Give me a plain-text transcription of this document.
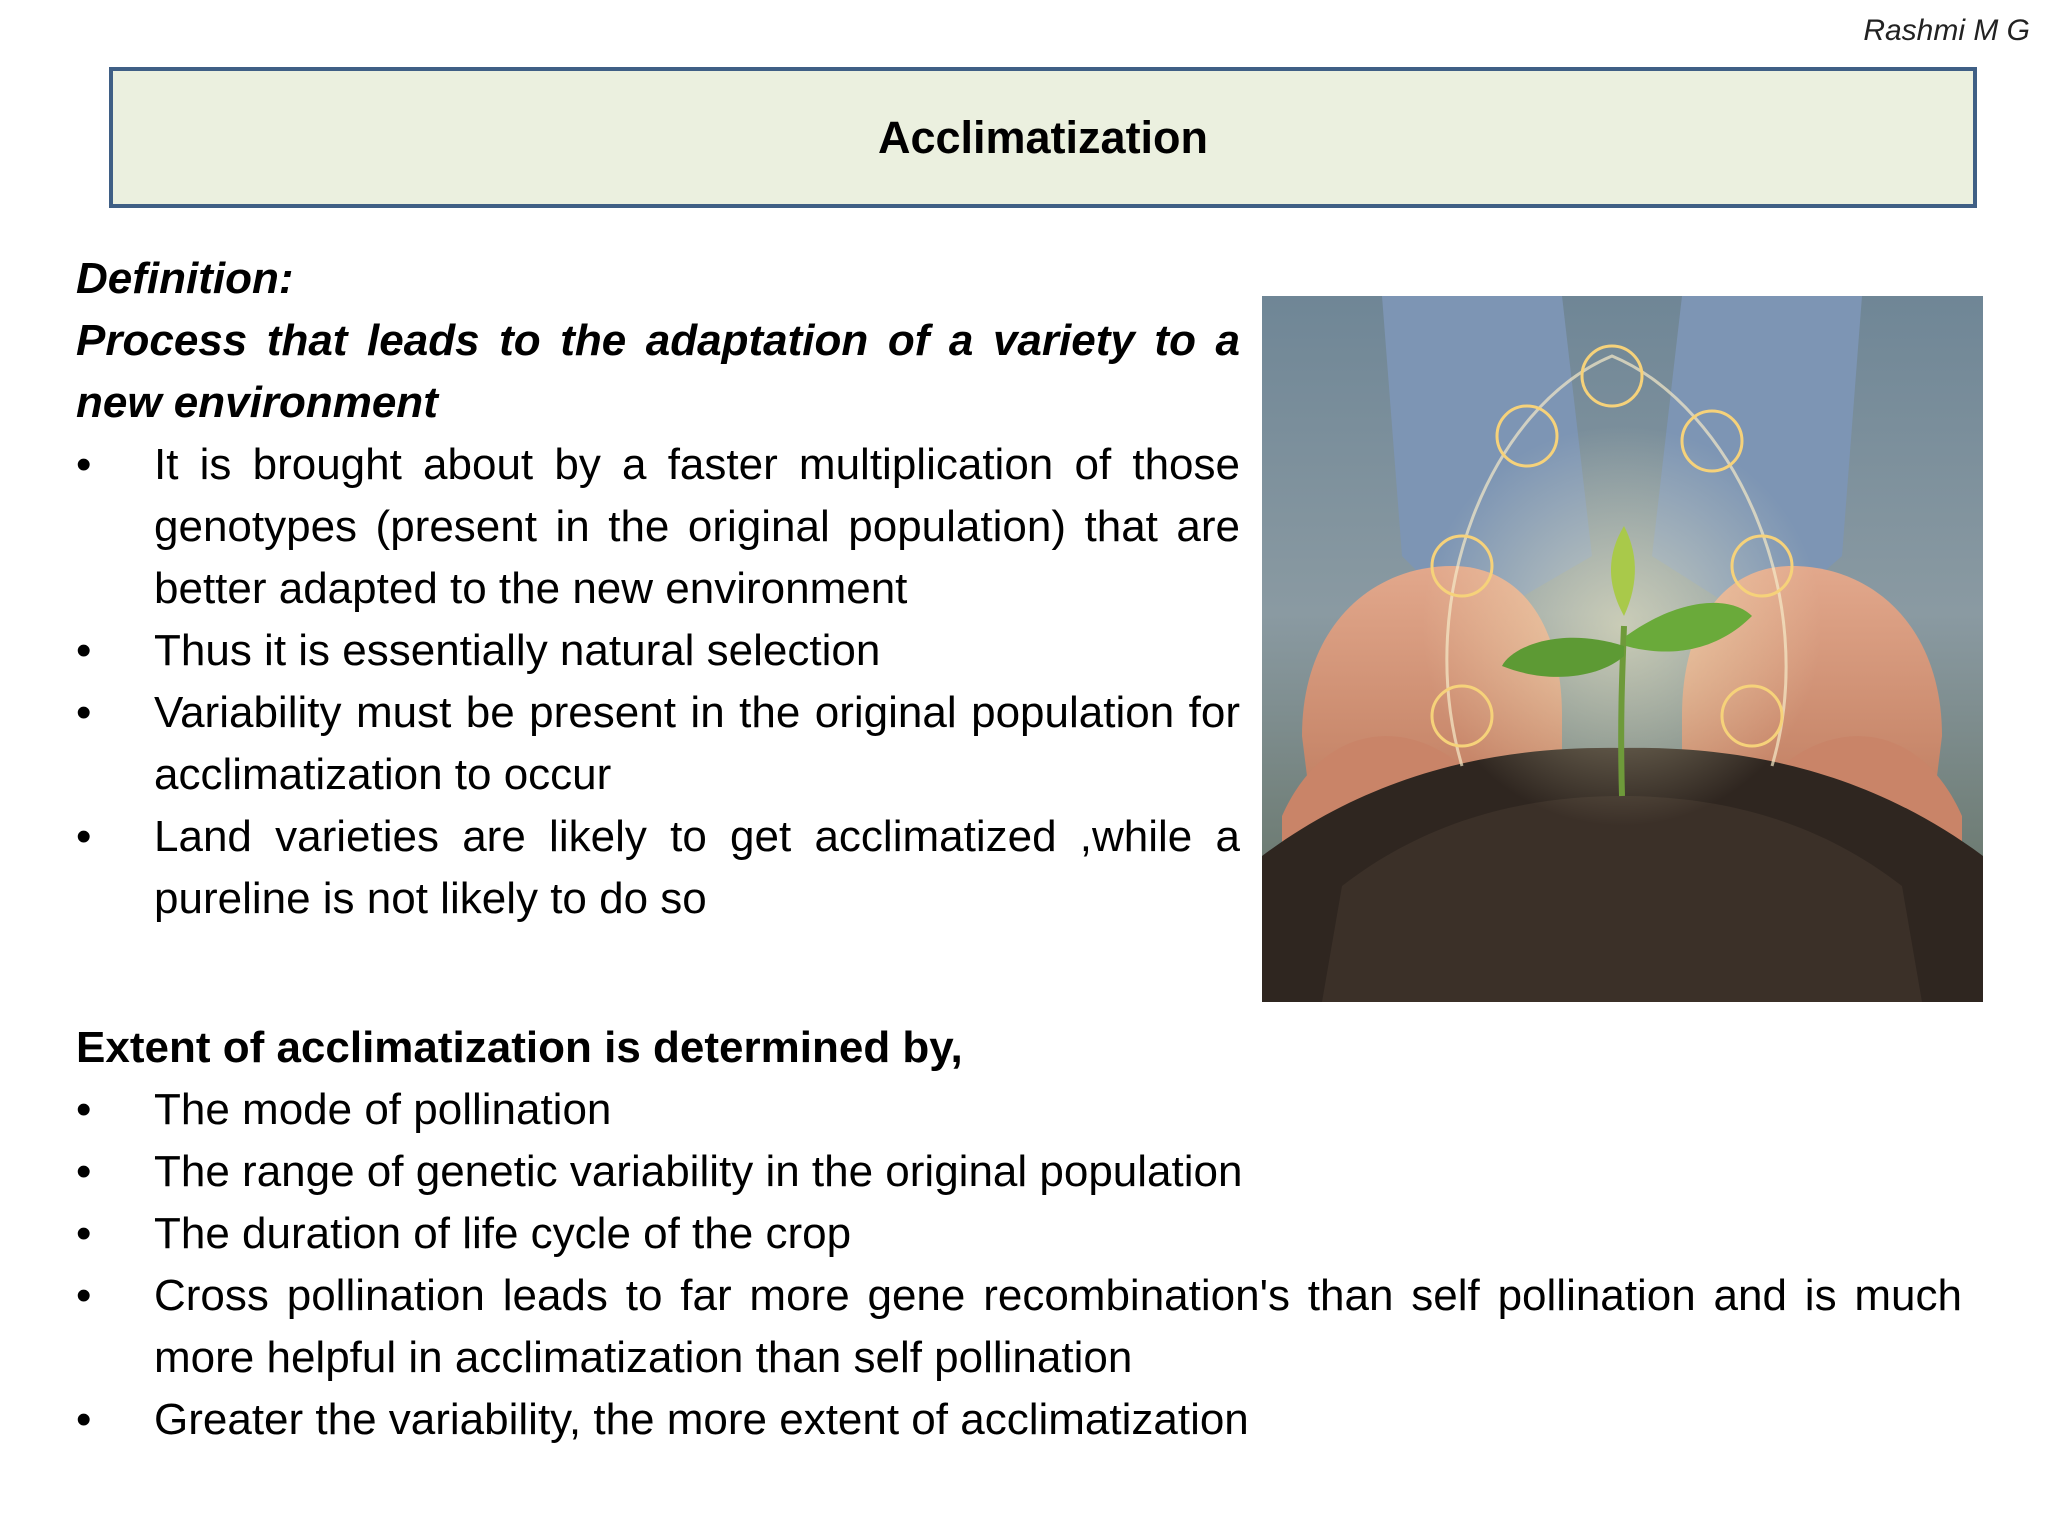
Rashmi M G
Acclimatization
Definition:
Process that leads to the adaptation of a variety to a new environment
• It is brought about by a faster multiplication of those genotypes (present in the original population) that are better adapted to the new environment
• Thus it is essentially natural selection
• Variability must be present in the original population for acclimatization to occur
• Land varieties are likely to get acclimatized ,while a pureline is not likely to do so
Extent of acclimatization is determined by,
• The mode of pollination
• The range of genetic variability in the original population
• The duration of life cycle of the crop
• Cross pollination leads to far more gene recombination's than self pollination and is much more helpful in acclimatization than self pollination
• Greater the variability, the more extent of acclimatization
